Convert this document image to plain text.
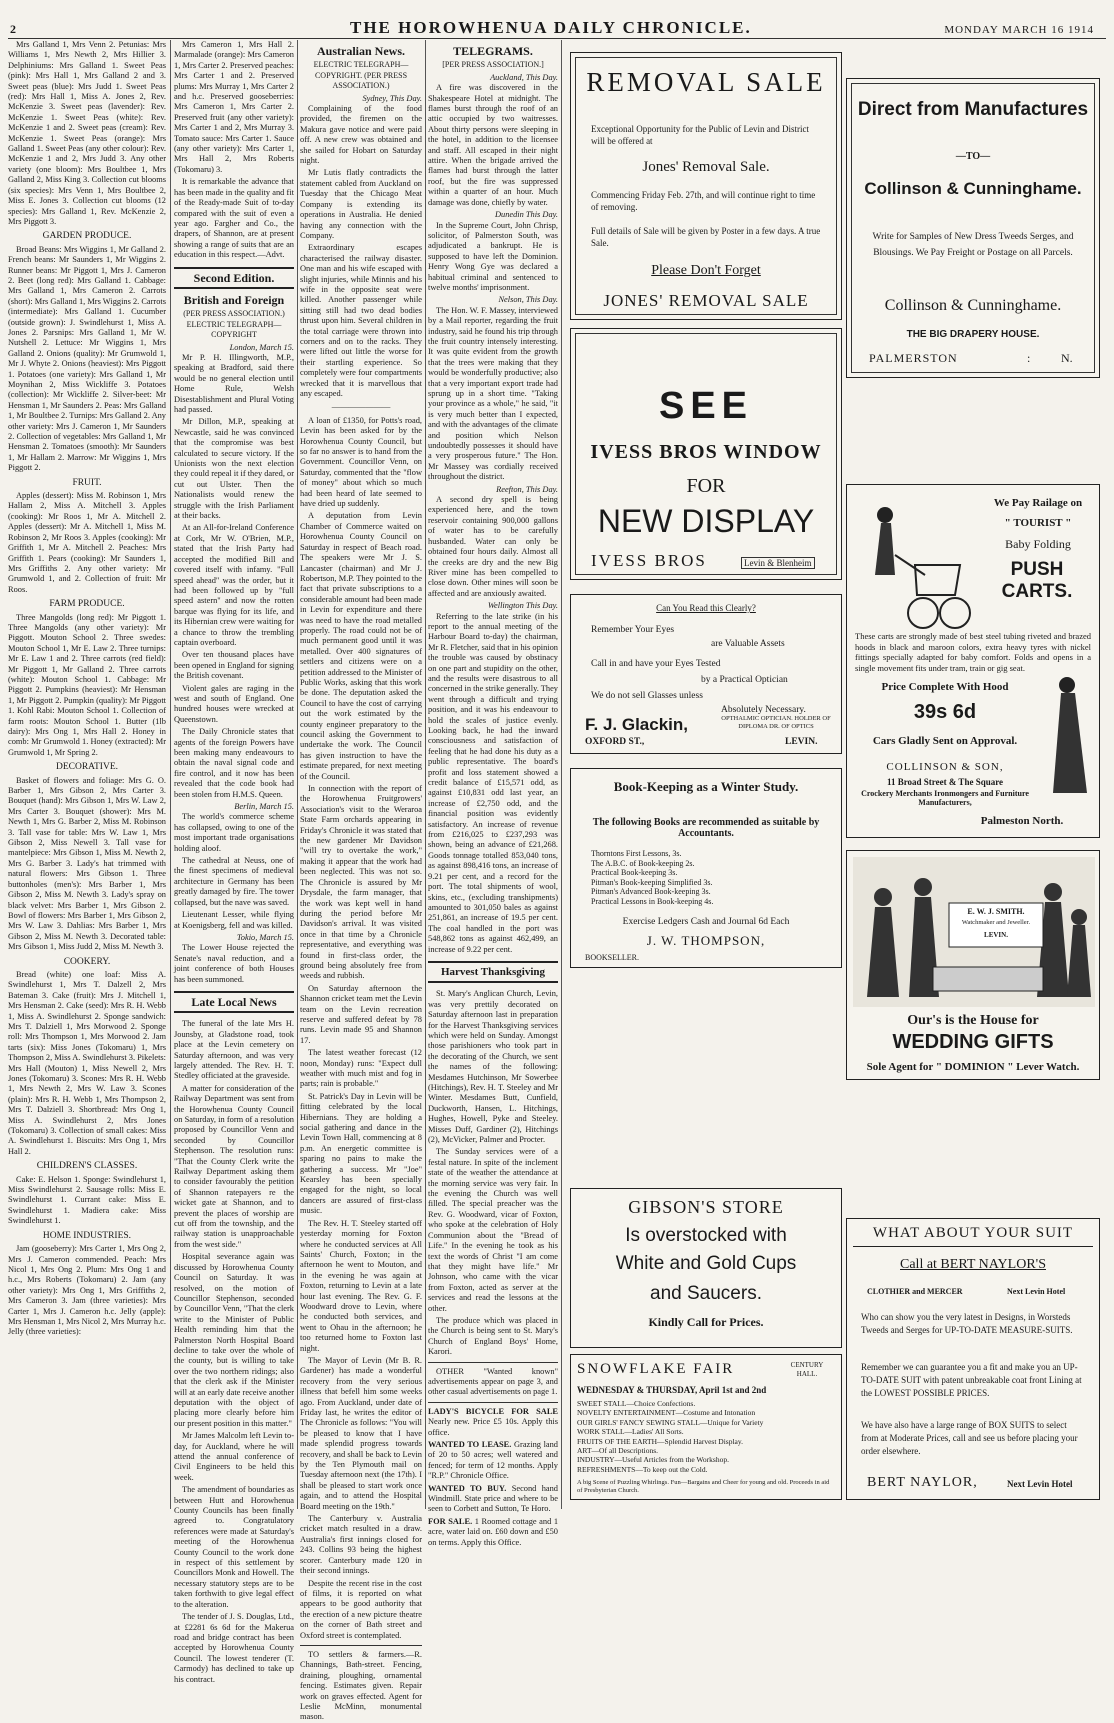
2	THE HOROWHENUA DAILY CHRONICLE.	MONDAY MARCH 16 1914

Mrs Galland 1, Mrs Venn 2. Petunias: Mrs Williams 1, Mrs Newth 2, Mrs Hillier 3. Delphiniums: Mrs Galland 1. Sweet Peas (pink): Mrs Hall 1, Mrs Galland 2 and 3. Sweet peas (blue): Mrs Judd 1. Sweet Peas (red): Mrs Hall 1, Miss A. Jones 2, Rev. McKenzie 3. Sweet peas (lavender): Rev. McKenzie 1. Sweet Peas (white): Rev. McKenzie 1 and 2. Sweet peas (cream): Rev. McKenzie 1. Sweet Peas (orange): Mrs Galland 1. Sweet Peas (any other colour): Rev. McKenzie 1 and 2, Mrs Judd 3. Any other variety (one bloom): Mrs Boultbee 1, Mrs Galland 2, Miss King 3. Collection cut blooms (six species): Mrs Venn 1, Mrs Boultbee 2, Miss E. Jones 3. Collection cut blooms (12 species): Mrs Galland 1, Rev. McKenzie 2, Mrs Piggott 3.

GARDEN PRODUCE.

Broad Beans: Mrs Wiggins 1, Mr Galland 2. French beans: Mr Saunders 1, Mr Wiggins 2. Runner beans: Mr Piggott 1, Mrs J. Cameron 2. Beet (long red): Mrs Galland 1. Cabbage: Mrs Galland 1, Mrs Cameron 2. Carrots (short): Mrs Galland 1, Mrs Wiggins 2. Carrots (intermediate): Mrs Galland 1. Cucumber (outside grown): J. Swindlehurst 1, Miss A. Jones 2. Parsnips: Mrs Galland 1, Mr W. Nutshell 2. Lettuce: Mr Wiggins 1, Mrs Galland 2. Onions (quality): Mr Grumwold 1, Mr J. Whyte 2. Onions (heaviest): Mrs Piggott 1. Potatoes (one variety): Mrs Galland 1, Mr Moynihan 2, Miss Wickliffe 3. Potatoes (collection): Mr Wickliffe 2. Silver-beet: Mr Hensman 1, Mr Saunders 2. Peas: Mrs Galland 1, Mr Boultbee 2. Turnips: Mrs Galland 2. Any other variety: Mrs J. Cameron 1, Mr Saunders 2. Collection of vegetables: Mrs Galland 1, Mr Hensman 2. Tomatoes (smooth): Mr Saunders 1, Mr Hallam 2. Marrow: Mr Wiggins 1, Mrs Piggott 2.

FRUIT.

Apples (dessert): Miss M. Robinson 1, Mrs Hallam 2, Miss A. Mitchell 3. Apples (cooking): Mr Roos 1, Mr A. Mitchell 2. Apples (dessert): Mr A. Mitchell 1, Miss M. Robinson 2, Mr Roos 3. Apples (cooking): Mr Griffith 1, Mr A. Mitchell 2. Peaches: Mrs Griffith 1. Pears (cooking): Mr Saunders 1, Mrs Griffiths 2. Any other variety: Mr Grumwold 1, and 2. Collection of fruit: Mr Roos.

FARM PRODUCE.

Three Mangolds (long red): Mr Piggott 1. Three Mangolds (any other variety): Mr Piggott. Mouton School 2. Three swedes: Mouton School 1, Mr E. Law 2. Three turnips: Mr E. Law 1 and 2. Three carrots (red field): Mr Piggott 1, Mr Galland 2. Three carrots (white): Mouton School 1. Cabbage: Mr Piggott 2. Pumpkins (heaviest): Mr Hensman 1, Mr Piggott 2. Pumpkin (quality): Mr Piggott 1. Kohl Rabi: Mouton School 1. Collection of farm roots: Mouton School 1. Butter (1lb dairy): Mrs Ong 1, Mrs Hall 2. Honey in comb: Mr Grumwold 1. Honey (extracted): Mr Grumwold 1, Mr Spring 2.

DECORATIVE.

Basket of flowers and foliage: Mrs G. O. Barber 1, Mrs Gibson 2, Mrs Carter 3. Bouquet (hand): Mrs Gibson 1, Mrs W. Law 2, Mrs Carter 3. Bouquet (shower): Mrs M. Newth 1, Mrs G. Barber 2, Miss M. Robinson 3. Tall vase for table: Mrs W. Law 1, Mrs Gibson 2, Miss Newell 3. Tall vase for mantelpiece: Mrs Gibson 1, Miss M. Newth 2, Mrs G. Barber 3. Lady's hat trimmed with natural flowers: Mrs Gibson 1. Three buttonholes (men's): Mrs Barber 1, Mrs Gibson 2, Miss M. Newth 3. Lady's spray on black velvet: Mrs Barber 1, Mrs Gibson 2. Bowl of flowers: Mrs Barber 1, Mrs Gibson 2, Mrs W. Law 3. Dahlias: Mrs Barber 1, Mrs Gibson 2, Miss M. Newth 3. Decorated table: Mrs Gibson 1, Miss Judd 2, Miss M. Newth 3.

COOKERY.

Bread (white) one loaf: Miss A. Swindlehurst 1, Mrs T. Dalzell 2, Mrs Bateman 3. Cake (fruit): Mrs J. Mitchell 1, Mrs Hensman 2. Cake (seed): Mrs R. H. Webb 1, Miss A. Swindlehurst 2. Sponge sandwich: Mrs T. Dalziell 1, Mrs Morwood 2. Sponge roll: Mrs Thompson 1, Mrs Morwood 2. Jam tarts (six): Miss Jones (Tokomaru) 1, Mrs Thompson 2, Miss A. Swindlehurst 3. Pikelets: Mrs Hall (Mouton) 1, Miss Newell 2, Mrs Jones (Tokomaru) 3. Scones: Mrs R. H. Webb 1, Mrs Newth 2, Mrs W. Law 3. Scones (plain): Mrs R. H. Webb 1, Mrs Thompson 2, Mrs T. Dalziell 3. Shortbread: Mrs Ong 1, Miss A. Swindlehurst 2, Mrs Jones (Tokomaru) 3. Collection of small cakes: Miss A. Swindlehurst 1. Biscuits: Mrs Ong 1, Mrs Hall 2.

CHILDREN'S CLASSES.

Cake: E. Helson 1. Sponge: Swindlehurst 1, Miss Swindlehurst 2. Sausage rolls: Miss E. Swindlehurst 1. Currant cake: Miss E. Swindlehurst 1. Madiera cake: Miss Swindlehurst 1.

HOME INDUSTRIES.

Jam (gooseberry): Mrs Carter 1, Mrs Ong 2, Mrs J. Cameron commended. Peach: Mrs Nicol 1, Mrs Ong 2. Plum: Mrs Ong 1 and h.c., Mrs Roberts (Tokomaru) 2. Jam (any other variety): Mrs Ong 1, Mrs Griffiths 2, Mrs Cameron 3. Jam (three varieties): Mrs Carter 1, Mrs J. Cameron h.c. Jelly (apple): Mrs Hensman 1, Mrs Nicol 2, Mrs Murray h.c. Jelly (three varieties):

Mrs Cameron 1, Mrs Hall 2. Marmalade (orange): Mrs Cameron 1, Mrs Carter 2. Preserved peaches: Mrs Carter 1 and 2. Preserved plums: Mrs Murray 1, Mrs Carter 2 and h.c. Preserved gooseberries: Mrs Cameron 1, Mrs Carter 2. Preserved fruit (any other variety): Mrs Carter 1 and 2, Mrs Murray 3. Tomato sauce: Mrs Carter 1. Sauce (any other variety): Mrs Carter 1, Mrs Hall 2, Mrs Roberts (Tokomaru) 3.

It is remarkable the advance that has been made in the quality and fit of the Ready-made Suit of to-day compared with the suit of even a year ago. Fargher and Co., the drapers, of Shannon, are at present showing a range of suits that are an education in this respect.—Advt.

Second Edition.
British and Foreign
(PER PRESS ASSOCIATION.) ELECTRIC TELEGRAPH—COPYRIGHT
London, March 15.

Mr P. H. Illingworth, M.P., speaking at Bradford, said there would be no general election until Home Rule, Welsh Disestablishment and Plural Voting had passed.

Mr Dillon, M.P., speaking at Newcastle, said he was convinced that the compromise was best calculated to secure victory. If the Unionists won the next election they could repeal it if they dared, or cut out Ulster. Then the Nationalists would renew the struggle with the Irish Parliament at their backs.

At an All-for-Ireland Conference at Cork, Mr W. O'Brien, M.P., stated that the Irish Party had accepted the modified Bill and covered itself with infamy. "Full speed ahead" was the order, but it had been followed up by "full speed astern" and now the rotten barque was flying for its life, and its Hibernian crew were waiting for a chance to throw the trembling captain overboard.

Over ten thousand places have been opened in England for signing the British covenant.

Violent gales are raging in the west and south of England. One hundred houses were wrecked at Queenstown.

The Daily Chronicle states that agents of the foreign Powers have been making many endeavours to obtain the naval signal code and fire control, and it now has been revealed that the code book had been stolen from H.M.S. Queen.

Berlin, March 15.

The world's commerce scheme has collapsed, owing to one of the most important trade organisations holding aloof.

The cathedral at Neuss, one of the finest specimens of medieval architecture in Germany has been greatly damaged by fire. The tower collapsed, but the nave was saved.

Lieutenant Lesser, while flying at Koenigsberg, fell and was killed.

Tokio, March 15.

The Lower House rejected the Senate's naval reduction, and a joint conference of both Houses has been summoned.

Late Local News

The funeral of the late Mrs H. Jounsby, at Gladstone road, took place at the Levin cemetery on Saturday afternoon, and was very largely attended. The Rev. H. T. Stedley officiated at the graveside.

A matter for consideration of the Railway Department was sent from the Horowhenua County Council on Saturday, in form of a resolution proposed by Councillor Venn and seconded by Councillor Stephenson. The resolution runs: "That the County Clerk write the Railway Department asking them to consider favourably the petition of Shannon ratepayers re the wicket gate at Shannon, and to prevent the places of worship are cut off from the township, and the railway station is unapproachable from the west side."

Hospital severance again was discussed by Horowhenua County Council on Saturday. It was resolved, on the motion of Councillor Stephenson, seconded by Councillor Venn, "That the clerk write to the Minister of Public Health reminding him that the Palmerston North Hospital Board decline to take over the whole of the county, but is willing to take over the two northern ridings; also that the clerk ask if the Minister will at an early date receive another deputation with the object of placing more clearly before him our present position in this matter."

Mr James Malcolm left Levin to-day, for Auckland, where he will attend the annual conference of Civil Engineers to be held this week.

The amendment of boundaries as between Hutt and Horowhenua County Councils has been finally agreed to. Congratulatory references were made at Saturday's meeting of the Horowhenua County Council to the work done in respect of this settlement by Councillors Monk and Howell. The necessary statutory steps are to be taken forthwith to give legal effect to the alteration.

The tender of J. S. Douglas, Ltd., at £2281 6s 6d for the Makerua road and bridge contract has been accepted by Horowhenua County Council. The lowest tenderer (T. Carmody) has declined to take up his contract.

Australian News.
ELECTRIC TELEGRAPH—COPYRIGHT. (PER PRESS ASSOCIATION.)
Sydney, This Day.

Complaining of the food provided, the firemen on the Makura gave notice and were paid off. A new crew was obtained and she sailed for Hobart on Saturday night.

Mr Lutis flatly contradicts the statement cabled from Auckland on Tuesday that the Chicago Meat Company is extending its operations in Australia. He denied having any connection with the Company.

Extraordinary escapes characterised the railway disaster. One man and his wife escaped with slight injuries, while Minnis and his wife in the opposite seat were killed. Another passenger while sitting still had two dead bodies thrust upon him. Several children in the total carriage were thrown into corners and on to the racks. They were lifted out little the worse for their startling experience. So completely were four compartments wrecked that it is marvellous that any escaped.

———————

A loan of £1350, for Potts's road, Levin has been asked for by the Horowhenua County Council, but so far no answer is to hand from the Government. Councillor Venn, on Saturday, commented that the "flow of money" about which so much had been heard of late seemed to have dried up suddenly.

A deputation from Levin Chamber of Commerce waited on Horowhenua County Council on Saturday in respect of Beach road. The speakers were Mr J. S. Lancaster (chairman) and Mr J. Robertson, M.P. They pointed to the fact that private subscriptions to a considerable amount had been made in Levin for expenditure and there was need to have the road metalled properly. The road could not be of much permanent good until it was metalled. Over 400 signatures of settlers and citizens were on a petition addressed to the Minister of Public Works, asking that this work be done. The deputation asked the Council to have the cost of carrying out the work estimated by the county engineer preparatory to the council asking the Government to undertake the work. The Council has given instruction to have the estimate prepared, for next meeting of the Council.

In connection with the report of the Horowhenua Fruitgrowers' Association's visit to the Weraroa State Farm orchards appearing in Friday's Chronicle it was stated that the new gardener Mr Davidson "will try to overtake the work," making it appear that the work had been neglected. This was not so. The Chronicle is assured by Mr Drysdale, the farm manager, that the work was kept well in hand during the period before Mr Davidson's arrival. It was visited once in that time by a Chronicle representative, and everything was found in first-class order, the ground being absolutely free from weeds and rubbish.

On Saturday afternoon the Shannon cricket team met the Levin team on the Levin recreation reserve and suffered defeat by 78 runs. Levin made 95 and Shannon 17.

The latest weather forecast (12 noon, Monday) runs: "Expect dull weather with much mist and fog in parts; rain is probable."

St. Patrick's Day in Levin will be fitting celebrated by the local Hibernians. They are holding a social gathering and dance in the Levin Town Hall, commencing at 8 p.m. An energetic committee is sparing no pains to make the gathering a success. Mr "Joe" Kearsley has been specially engaged for the night, so local dancers are assured of first-class music.

The Rev. H. T. Steeley started off yesterday morning for Foxton where he conducted services at All Saints' Church, Foxton; in the afternoon he went to Mouton, and in the evening he was again at Foxton, returning to Levin at a late hour last evening. The Rev. G. F. Woodward drove to Levin, where he conducted both services, and went to Ohau in the afternoon; he too returned home to Foxton last night.

The Mayor of Levin (Mr B. R. Gardener) has made a wonderful recovery from the very serious illness that befell him some weeks ago. From Auckland, under date of Friday last, he writes the editor of The Chronicle as follows: "You will be pleased to know that I have made splendid progress towards recovery, and shall be back to Levin by the Ten Plymouth mail on Tuesday afternoon next (the 17th). I shall be pleased to start work once again, and to attend the Hospital Board meeting on the 19th."

The Canterbury v. Australia cricket match resulted in a draw. Australia's first innings closed for 243. Collins 93 being the highest scorer. Canterbury made 120 in their second innings.

Despite the recent rise in the cost of films, it is reported on what appears to be good authority that the erection of a new picture theatre on the corner of Bath street and Oxford street is contemplated.

TO settlers & farmers.—R. Channings, Bath-street. Fencing, draining, ploughing, ornamental fencing. Estimates given. Repair work on graves effected. Agent for Leslie McMinn, monumental mason.

TELEGRAMS.
[PER PRESS ASSOCIATION.]
Auckland, This Day.

A fire was discovered in the Shakespeare Hotel at midnight. The flames burst through the roof of an attic occupied by two waitresses. About thirty persons were sleeping in the hotel, in addition to the licensee and staff. All escaped in their night attire. When the brigade arrived the flames had burst through the latter roof, but the fire was suppressed within a quarter of an hour. Much damage was done, chiefly by water.

Dunedin This Day.

In the Supreme Court, John Chrisp, solicitor, of Palmerston South, was adjudicated a bankrupt. He is supposed to have left the Dominion. Henry Wong Gye was declared a habitual criminal and sentenced to twelve months' imprisonment.

Nelson, This Day.

The Hon. W. F. Massey, interviewed by a Mail reporter, regarding the fruit industry, said he found his trip through the fruit country intensely interesting. It was quite evident from the growth that the trees were making that they would be wonderfully productive; also that a very important export trade had sprung up in a short time. "Taking your province as a whole," he said, "it is very much better than I expected, and with the advantages of the climate and position which Nelson undoubtedly possesses it should have a very prosperous future." The Hon. Mr Massey was cordially received throughout the district.

Reefton, This Day.

A second dry spell is being experienced here, and the town reservoir containing 900,000 gallons of water has to be carefully husbanded. Water can only be obtained four hours daily. Almost all the creeks are dry and the new Big River mine has been compelled to close down. Other mines will soon be affected and are anxiously awaited.

Wellington This Day.

Referring to the late strike (in his report to the annual meeting of the Harbour Board to-day) the chairman, Mr R. Fletcher, said that in his opinion the trouble was caused by obstinacy on one part and stupidity on the other, and the results were disastrous to all concerned in the strike generally. They went through a difficult and trying position, and it was his endeavour to hold the scales of justice evenly. Looking back, he had the inward consciousness and satisfaction of feeling that he had done his duty as a public representative. The board's profit and loss statement showed a credit balance of £15,571 odd, as against £10,831 odd last year, an increase of £2,750 odd, and the financial position was evidently satisfactory. An increase of revenue from £216,025 to £237,293 was shown, being an advance of £21,268. Goods tonnage totalled 853,040 tons, as against 898,416 tons, an increase of 9.21 per cent, and a record for the port. The total shipments of wool, skins, etc., (excluding transhipments) amounted to 301,050 bales as against 251,861, an increase of 19.5 per cent. The coal handled in the port was 548,862 tons as against 462,499, an increase of 9.22 per cent.

Harvest Thanksgiving

St. Mary's Anglican Church, Levin, was very prettily decorated on Saturday afternoon last in preparation for the Harvest Thanksgiving services which were held on Sunday. Amongst those parishioners who took part in the decorating of the Church, we sent the names of the following: Mesdames Hutchinson, Mr Sowerbee (Hitchings), Rev. H. T. Steeley and Mr Winter. Mesdames Butt, Cunfield, Duckworth, Hansen, L. Hitchings, Hughes, Howell, Pyke and Steeley. Misses Duff, Gardiner (2), Hitchings (2), McVicker, Palmer and Procter.

The Sunday services were of a festal nature. In spite of the inclement state of the weather the attendance at the morning service was very fair. In the evening the Church was well filled. The special preacher was the Rev. G. Woodward, vicar of Foxton, who spoke at the celebration of Holy Communion about the "Bread of Life." In the evening he took as his text the words of Christ "I am come that they might have life." Mr Johnson, who came with the vicar from Foxton, acted as server at the services and read the lessons at the other.

The produce which was placed in the Church is being sent to St. Mary's Church of England Boys' Home, Karori.

OTHER "Wanted known" advertisements appear on page 3, and other casual advertisements on page 1.

LADY'S BICYCLE FOR SALE Nearly new. Price £5 10s. Apply this office.

WANTED TO LEASE. Grazing land of 20 to 50 acres; well watered and fenced; for term of 12 months. Apply "R.P." Chronicle Office.

WANTED TO BUY. Second hand Windmill. State price and where to be seen to Corbett and Sutton, Te Horo.

FOR SALE. 1 Roomed cottage and 1 acre, water laid on. £60 down and £50 on terms. Apply this Office.

REMOVAL SALE
Exceptional Opportunity for the Public of Levin and District will be offered at
Jones' Removal Sale.
Commencing Friday Feb. 27th, and will continue right to time of removing.
Full details of Sale will be given by Poster in a few days. A true Sale.
Please Don't Forget
JONES' REMOVAL SALE
Direct from Manufactures
—TO—
Collinson & Cunninghame.
Write for Samples of New Dress Tweeds Serges, and Blousings. We Pay Freight or Postage on all Parcels.
Collinson & Cunninghame.
THE BIG DRAPERY HOUSE.
PALMERSTON	:	N.
SEE
IVESS BROS WINDOW
FOR
NEW DISPLAY
IVESS BROS	Levin & Blenheim
We Pay Railage on
" TOURIST "
Baby Folding
PUSH CARTS.
These carts are strongly made of best steel tubing riveted and brazed hoods in black and maroon colors, extra heavy tyres with nickel fittings specially adapted for baby comfort. Folds and opens in a single movement fits under tram, train or gig seat.
Price Complete With Hood
39s 6d
Cars Gladly Sent on Approval.
COLLINSON & SON,
11 Broad Street & The Square
Crockery Merchants Ironmongers and Furniture Manufacturers,
Palmeston North.
Can You Read this Clearly?
Remember Your Eyes
are Valuable Assets
Call in and have your Eyes Tested
by a Practical Optician
We do not sell Glasses unless
Absolutely Necessary.
F. J. Glackin,	OPTHALMIC OPTICIAN. HOLDER OF DIPLOMA DR. OF OPTICS
OXFORD ST.,	LEVIN.
Book-Keeping as a Winter Study.
The following Books are recommended as suitable by Accountants.
Thorntons First Lessons, 3s.
The A.B.C. of Book-keeping 2s.
Practical Book-keeping 3s.
Pitman's Book-keeping Simplified 3s.
Pitman's Advanced Book-keeping 3s.
Practical Lessons in Book-keeping 4s.
Exercise Ledgers Cash and Journal 6d Each
J. W. THOMPSON,
BOOKSELLER.
E. W. J. SMITH.
Watchmaker and Jeweller.
LEVIN.
Our's is the House for
WEDDING GIFTS
Sole Agent for " DOMINION " Lever Watch.
GIBSON'S STORE
Is overstocked with
White and Gold Cups
and Saucers.
Kindly Call for Prices.
WHAT ABOUT YOUR SUIT
Call at BERT NAYLOR'S
CLOTHIER and MERCER	Next Levin Hotel
Who can show you the very latest in Designs, in Worsteds Tweeds and Serges for UP-TO-DATE MEASURE-SUITS.
Remember we can guarantee you a fit and make you an UP-TO-DATE SUIT with patent unbreakable coat front Lining at the LOWEST POSSIBLE PRICES.
We have also have a large range of BOX SUITS to select from at Moderate Prices, call and see us before placing your order elsewhere.
BERT NAYLOR,	Next Levin Hotel
SNOWFLAKE FAIR	CENTURY HALL.
WEDNESDAY & THURSDAY, April 1st and 2nd
SWEET STALL—Choice Confections.
NOVELTY ENTERTAINMENT—Costume and Intonation
OUR GIRLS' FANCY SEWING STALL—Unique for Variety
WORK STALL—Ladies' All Sorts.
FRUITS OF THE EARTH—Splendid Harvest Display.
ART—Of all Descriptions.
INDUSTRY—Useful Articles from the Workshop.
REFRESHMENTS—To keep out the Cold.
A big Scene of Puzzling Whirlings. Fun—Bargains and Cheer for young and old. Proceeds in aid of Presbyterian Church.
